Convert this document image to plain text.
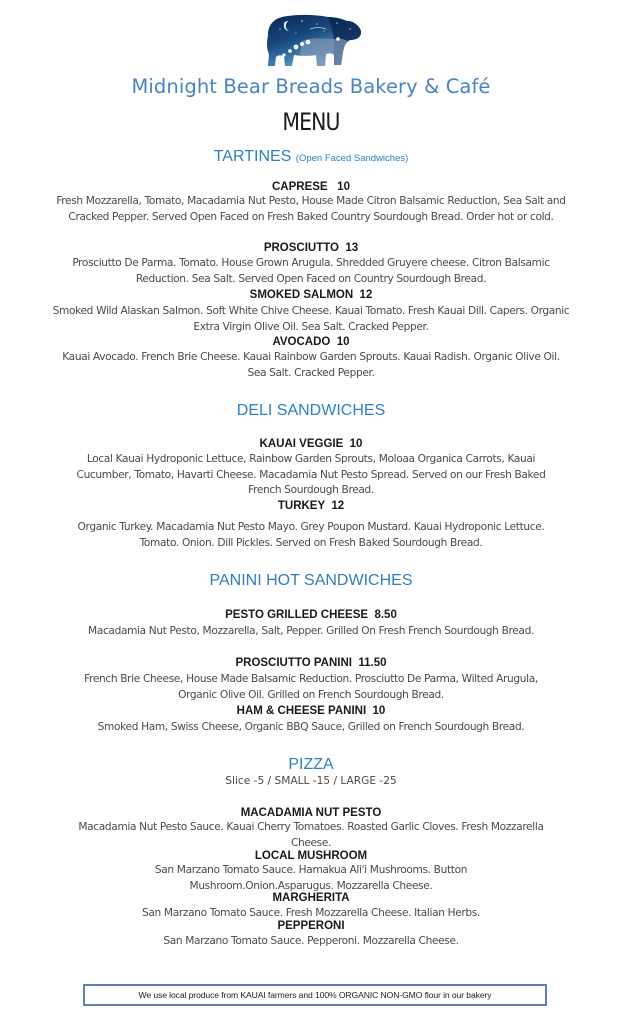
Midnight Bear Breads Bakery & Café
MENU
TARTINES (Open Faced Sandwiches)
CAPRESE   10
Fresh Mozzarella, Tomato, Macadamia Nut Pesto, House Made Citron Balsamic Reduction, Sea Salt and Cracked Pepper. Served Open Faced on Fresh Baked Country Sourdough Bread. Order hot or cold.
PROSCIUTTO  13
Prosciutto De Parma. Tomato. House Grown Arugula. Shredded Gruyere cheese. Citron Balsamic Reduction. Sea Salt. Served Open Faced on Country Sourdough Bread.
SMOKED SALMON  12
Smoked Wild Alaskan Salmon. Soft White Chive Cheese. Kauai Tomato. Fresh Kauai Dill. Capers. Organic Extra Virgin Olive Oil. Sea Salt. Cracked Pepper.
AVOCADO  10
Kauai Avocado. French Brie Cheese. Kauai Rainbow Garden Sprouts. Kauai Radish. Organic Olive Oil. Sea Salt. Cracked Pepper.
DELI SANDWICHES
KAUAI VEGGIE  10
Local Kauai Hydroponic Lettuce, Rainbow Garden Sprouts, Moloaa Organica Carrots, Kauai Cucumber, Tomato, Havarti Cheese. Macadamia Nut Pesto Spread. Served on our Fresh Baked French Sourdough Bread.
TURKEY  12
Organic Turkey. Macadamia Nut Pesto Mayo. Grey Poupon Mustard. Kauai Hydroponic Lettuce. Tomato. Onion. Dill Pickles. Served on Fresh Baked Sourdough Bread.
PANINI HOT SANDWICHES
PESTO GRILLED CHEESE  8.50
Macadamia Nut Pesto, Mozzarella, Salt, Pepper. Grilled On Fresh French Sourdough Bread.
PROSCIUTTO PANINI  11.50
French Brie Cheese, House Made Balsamic Reduction. Prosciutto De Parma, Wilted Arugula, Organic Olive Oil. Grilled on French Sourdough Bread.
HAM & CHEESE PANINI  10
Smoked Ham, Swiss Cheese, Organic BBQ Sauce, Grilled on French Sourdough Bread.
PIZZA
Slice -5 / SMALL -15 / LARGE -25
MACADAMIA NUT PESTO
Macadamia Nut Pesto Sauce. Kauai Cherry Tomatoes. Roasted Garlic Cloves. Fresh Mozzarella Cheese.
LOCAL MUSHROOM
San Marzano Tomato Sauce. Hamakua Ali'i Mushrooms. Button Mushroom.Onion.Asparugus. Mozzarella Cheese.
MARGHERITA
San Marzano Tomato Sauce. Fresh Mozzarella Cheese. Italian Herbs.
PEPPERONI
San Marzano Tomato Sauce. Pepperoni. Mozzarella Cheese.
We use local produce from KAUAI farmers and 100% ORGANIC NON-GMO flour in our bakery
